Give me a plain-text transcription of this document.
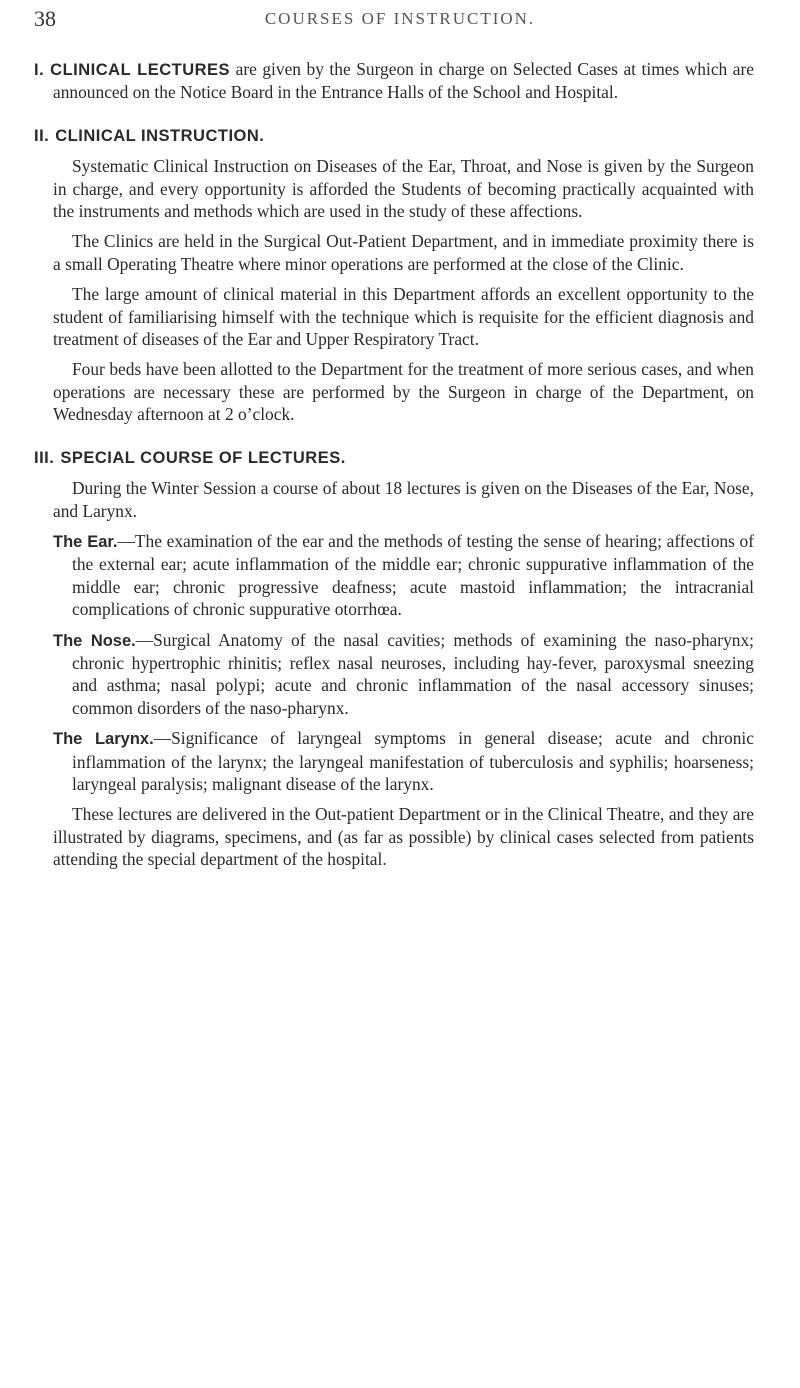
38	COURSES OF INSTRUCTION.

I. CLINICAL LECTURES are given by the Surgeon in charge on Selected Cases at times which are announced on the Notice Board in the Entrance Halls of the School and Hospital.

II. CLINICAL INSTRUCTION.

Systematic Clinical Instruction on Diseases of the Ear, Throat, and Nose is given by the Surgeon in charge, and every opportunity is afforded the Students of becoming practically acquainted with the instruments and methods which are used in the study of these affections.

The Clinics are held in the Surgical Out-Patient Department, and in immediate proximity there is a small Operating Theatre where minor operations are performed at the close of the Clinic.

The large amount of clinical material in this Department affords an excellent opportunity to the student of familiarising himself with the technique which is requisite for the efficient diagnosis and treatment of diseases of the Ear and Upper Respiratory Tract.

Four beds have been allotted to the Department for the treatment of more serious cases, and when operations are necessary these are performed by the Surgeon in charge of the Department, on Wednesday afternoon at 2 o’clock.

III. SPECIAL COURSE OF LECTURES.

During the Winter Session a course of about 18 lectures is given on the Diseases of the Ear, Nose, and Larynx.

The Ear.—The examination of the ear and the methods of testing the sense of hearing; affections of the external ear; acute inflammation of the middle ear; chronic suppurative inflammation of the middle ear; chronic progressive deafness; acute mastoid inflammation; the intracranial complications of chronic suppurative otorrhœa.

The Nose.—Surgical Anatomy of the nasal cavities; methods of examining the naso-pharynx; chronic hypertrophic rhinitis; reflex nasal neuroses, including hay-fever, paroxysmal sneezing and asthma; nasal polypi; acute and chronic inflammation of the nasal accessory sinuses; common disorders of the naso-pharynx.

The Larynx.—Significance of laryngeal symptoms in general disease; acute and chronic inflammation of the larynx; the laryngeal manifestation of tuberculosis and syphilis; hoarseness; laryngeal paralysis; malignant disease of the larynx.

These lectures are delivered in the Out-patient Department or in the Clinical Theatre, and they are illustrated by diagrams, specimens, and (as far as possible) by clinical cases selected from patients attending the special department of the hospital.
